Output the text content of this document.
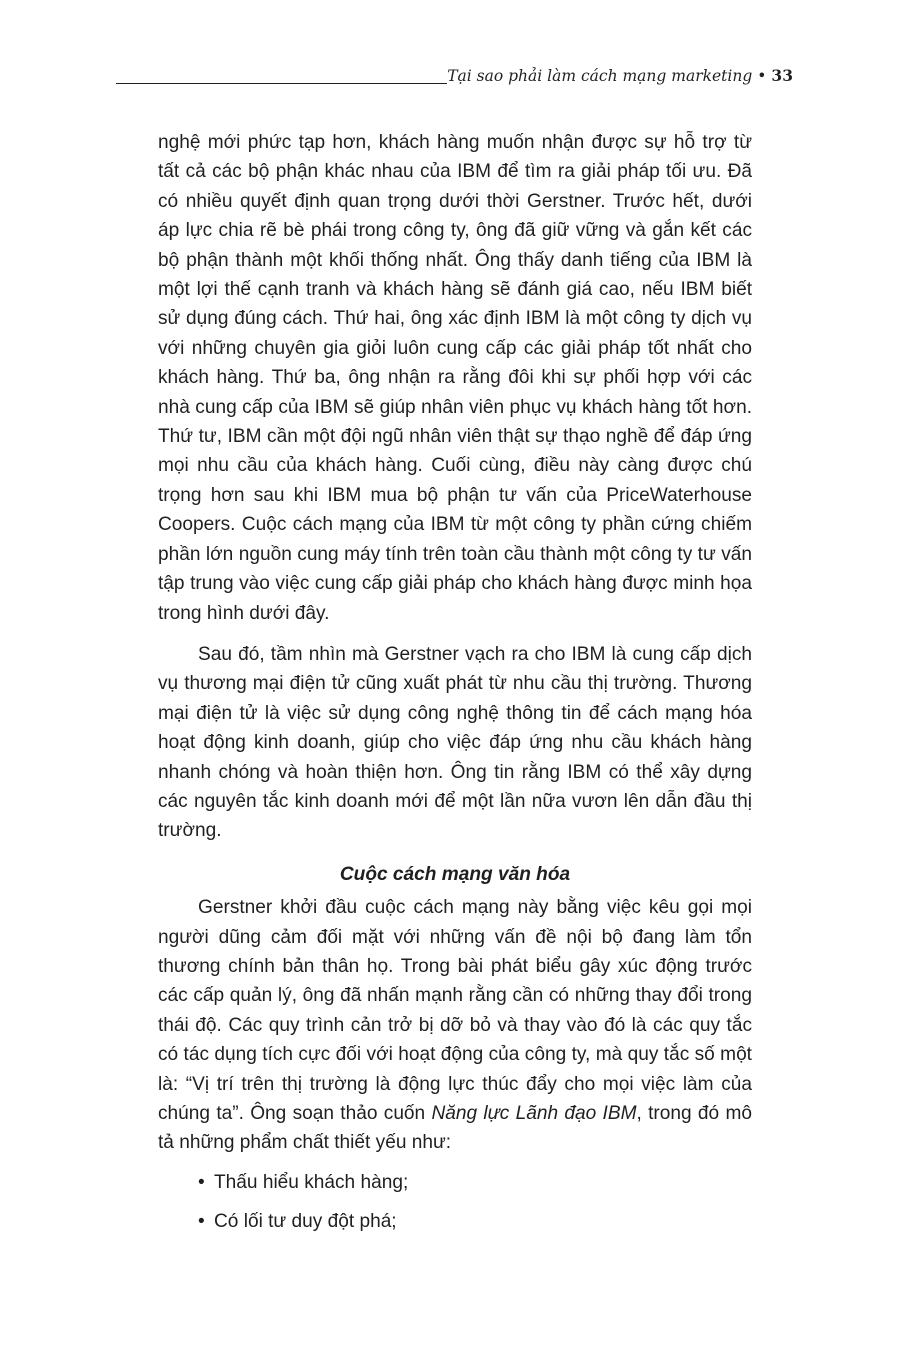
Tại sao phải làm cách mạng marketing • 33

nghệ mới phức tạp hơn, khách hàng muốn nhận được sự hỗ trợ từ tất cả các bộ phận khác nhau của IBM để tìm ra giải pháp tối ưu. Đã có nhiều quyết định quan trọng dưới thời Gerstner. Trước hết, dưới áp lực chia rẽ bè phái trong công ty, ông đã giữ vững và gắn kết các bộ phận thành một khối thống nhất. Ông thấy danh tiếng của IBM là một lợi thế cạnh tranh và khách hàng sẽ đánh giá cao, nếu IBM biết sử dụng đúng cách. Thứ hai, ông xác định IBM là một công ty dịch vụ với những chuyên gia giỏi luôn cung cấp các giải pháp tốt nhất cho khách hàng. Thứ ba, ông nhận ra rằng đôi khi sự phối hợp với các nhà cung cấp của IBM sẽ giúp nhân viên phục vụ khách hàng tốt hơn. Thứ tư, IBM cần một đội ngũ nhân viên thật sự thạo nghề để đáp ứng mọi nhu cầu của khách hàng. Cuối cùng, điều này càng được chú trọng hơn sau khi IBM mua bộ phận tư vấn của PriceWaterhouse Coopers. Cuộc cách mạng của IBM từ một công ty phần cứng chiếm phần lớn nguồn cung máy tính trên toàn cầu thành một công ty tư vấn tập trung vào việc cung cấp giải pháp cho khách hàng được minh họa trong hình dưới đây.

Sau đó, tầm nhìn mà Gerstner vạch ra cho IBM là cung cấp dịch vụ thương mại điện tử cũng xuất phát từ nhu cầu thị trường. Thương mại điện tử là việc sử dụng công nghệ thông tin để cách mạng hóa hoạt động kinh doanh, giúp cho việc đáp ứng nhu cầu khách hàng nhanh chóng và hoàn thiện hơn. Ông tin rằng IBM có thể xây dựng các nguyên tắc kinh doanh mới để một lần nữa vươn lên dẫn đầu thị trường.

Cuộc cách mạng văn hóa

Gerstner khởi đầu cuộc cách mạng này bằng việc kêu gọi mọi người dũng cảm đối mặt với những vấn đề nội bộ đang làm tổn thương chính bản thân họ. Trong bài phát biểu gây xúc động trước các cấp quản lý, ông đã nhấn mạnh rằng cần có những thay đổi trong thái độ. Các quy trình cản trở bị dỡ bỏ và thay vào đó là các quy tắc có tác dụng tích cực đối với hoạt động của công ty, mà quy tắc số một là: “Vị trí trên thị trường là động lực thúc đẩy cho mọi việc làm của chúng ta”. Ông soạn thảo cuốn Năng lực Lãnh đạo IBM, trong đó mô tả những phẩm chất thiết yếu như:

• Thấu hiểu khách hàng;
• Có lối tư duy đột phá;
